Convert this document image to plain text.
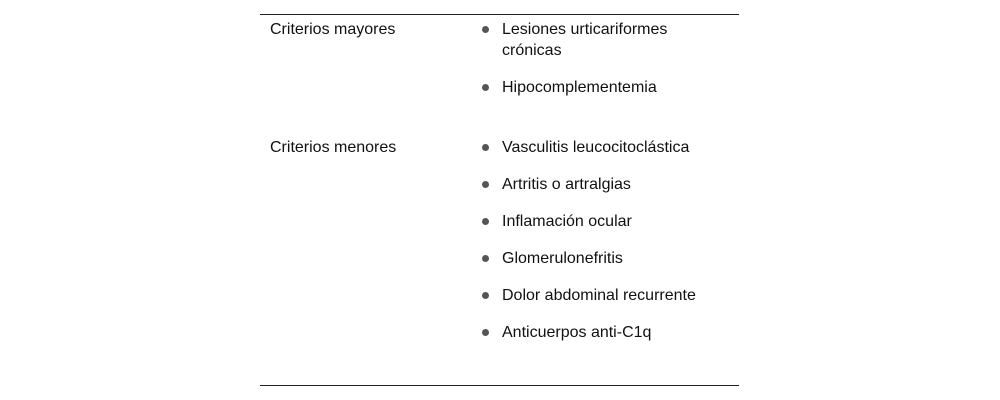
Criterios mayores	Lesiones urticariformes crónicas
Hipocomplementemia
Criterios menores	Vasculitis leucocitoclástica
Artritis o artralgias
Inflamación ocular
Glomerulonefritis
Dolor abdominal recurrente
Anticuerpos anti-C1q
